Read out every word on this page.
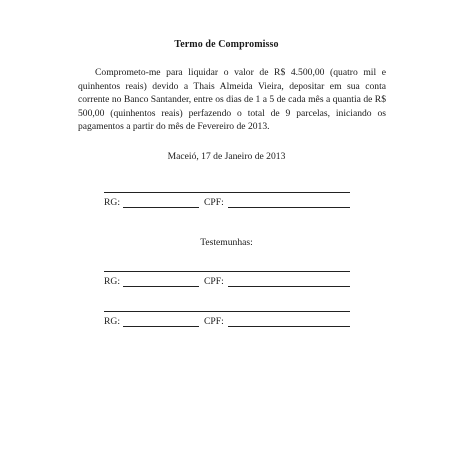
Termo de Compromisso

Comprometo-me para liquidar o valor de R$ 4.500,00 (quatro mil e quinhentos reais) devido a Thais Almeida Vieira, depositar em sua conta corrente no Banco Santander, entre os dias de 1 a 5 de cada mês a quantia de R$ 500,00 (quinhentos reais) perfazendo o total de 9 parcelas, iniciando os pagamentos a partir do mês de Fevereiro de 2013.

Maceió, 17 de Janeiro de 2013
RG:	CPF:
Testemunhas:
RG:	CPF:
RG:	CPF:
